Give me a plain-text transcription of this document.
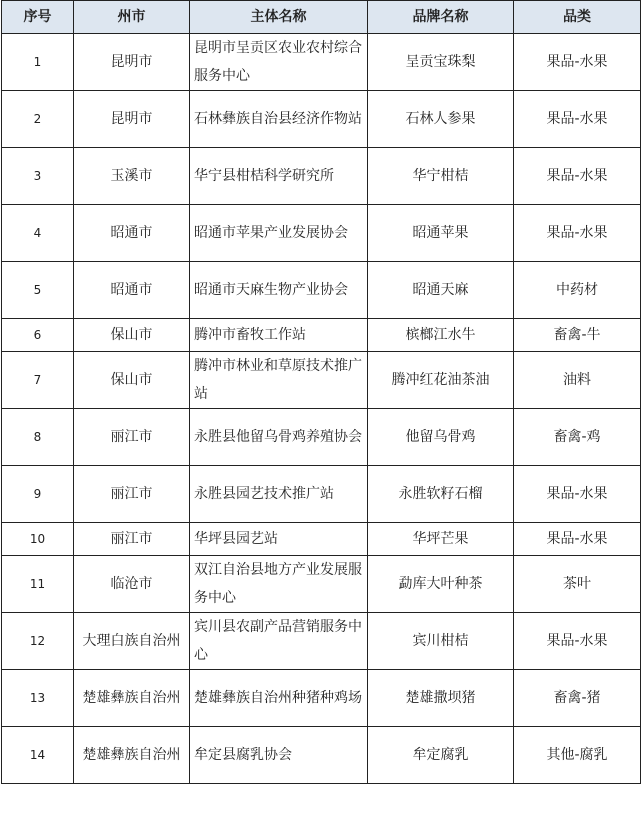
序号	州市	主体名称	品牌名称	品类
1	昆明市	昆明市呈贡区农业农村综合服务中心	呈贡宝珠梨	果品-水果
2	昆明市	石林彝族自治县经济作物站	石林人参果	果品-水果
3	玉溪市	华宁县柑桔科学研究所	华宁柑桔	果品-水果
4	昭通市	昭通市苹果产业发展协会	昭通苹果	果品-水果
5	昭通市	昭通市天麻生物产业协会	昭通天麻	中药材
6	保山市	腾冲市畜牧工作站	槟榔江水牛	畜禽-牛
7	保山市	腾冲市林业和草原技术推广站	腾冲红花油茶油	油料
8	丽江市	永胜县他留乌骨鸡养殖协会	他留乌骨鸡	畜禽-鸡
9	丽江市	永胜县园艺技术推广站	永胜软籽石榴	果品-水果
10	丽江市	华坪县园艺站	华坪芒果	果品-水果
11	临沧市	双江自治县地方产业发展服务中心	勐库大叶种茶	茶叶
12	大理白族自治州	宾川县农副产品营销服务中心	宾川柑桔	果品-水果
13	楚雄彝族自治州	楚雄彝族自治州种猪种鸡场	楚雄撒坝猪	畜禽-猪
14	楚雄彝族自治州	牟定县腐乳协会	牟定腐乳	其他-腐乳
